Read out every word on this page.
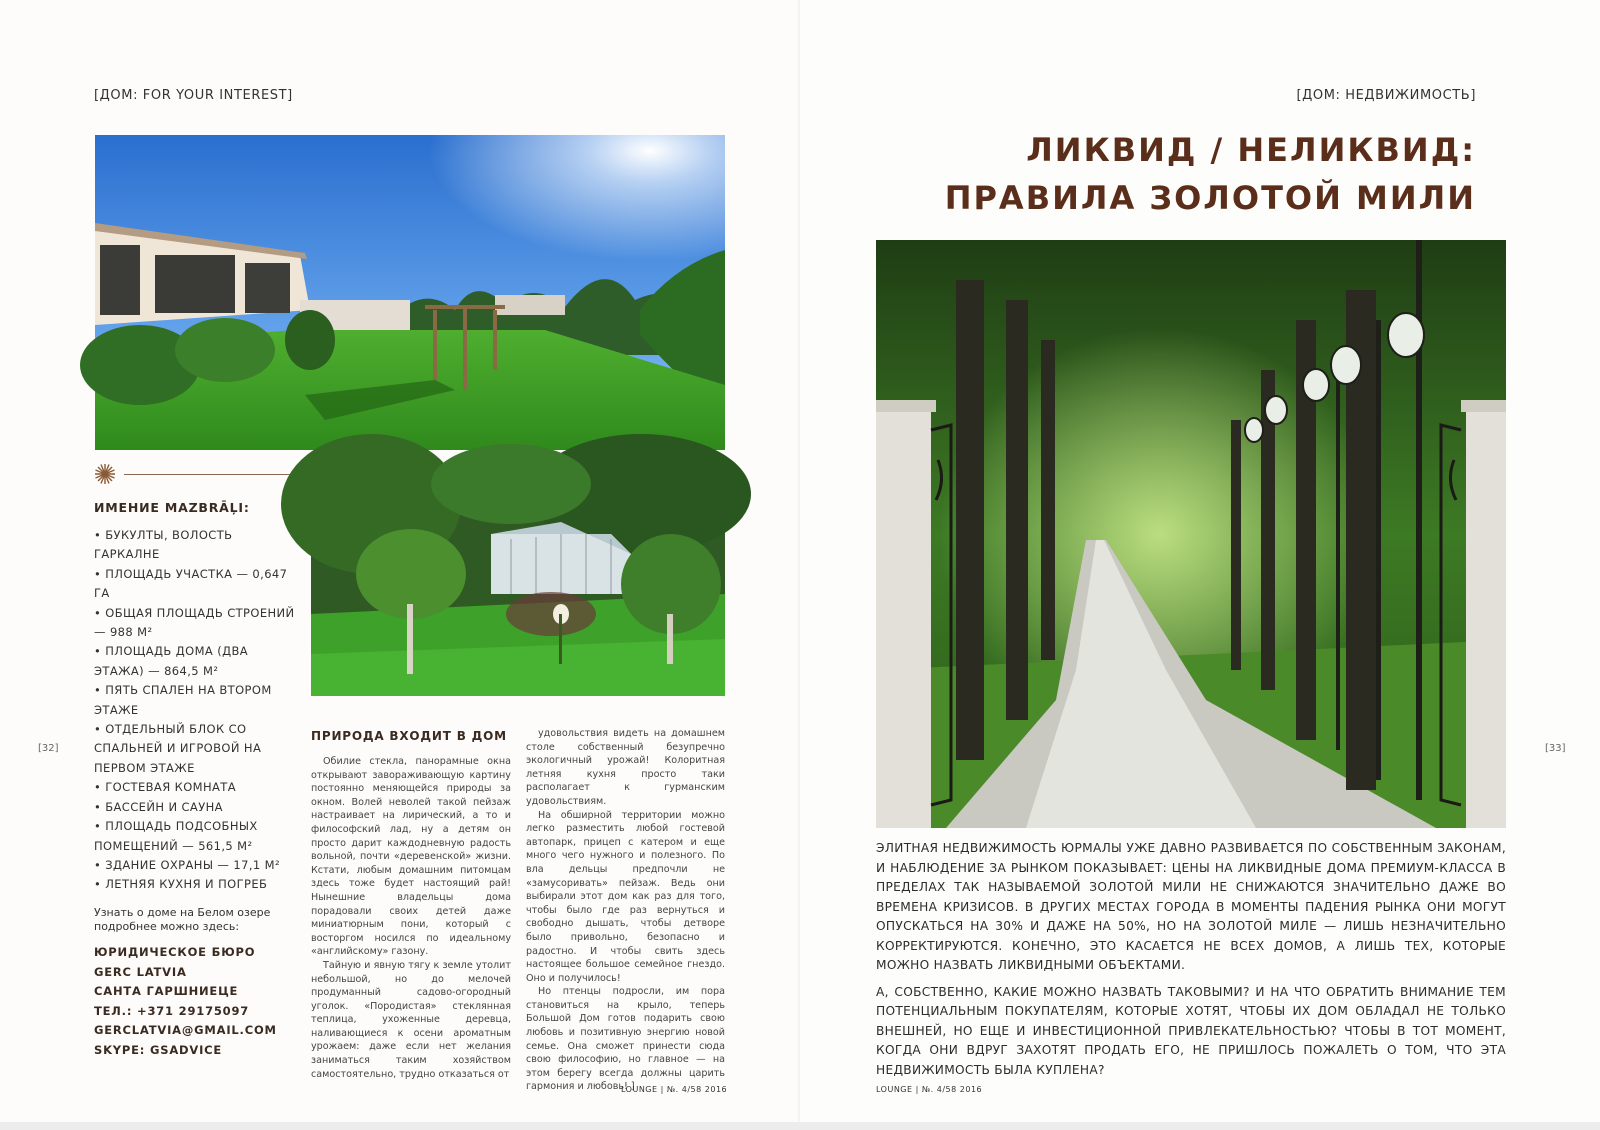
[ДОМ: FOR YOUR INTEREST]
ИМЕНИЕ MAZBRĀĻI:
• БУКУЛТЫ, ВОЛОСТЬ ГАРКАЛНЕ
• ПЛОЩАДЬ УЧАСТКА — 0,647 ГА
• ОБЩАЯ ПЛОЩАДЬ СТРОЕНИЙ — 988 М²
• ПЛОЩАДЬ ДОМА (ДВА ЭТАЖА) — 864,5 М²
• ПЯТЬ СПАЛЕН НА ВТОРОМ ЭТАЖЕ
• ОТДЕЛЬНЫЙ БЛОК СО СПАЛЬНЕЙ И ИГРОВОЙ НА ПЕРВОМ ЭТАЖЕ
• ГОСТЕВАЯ КОМНАТА
• БАССЕЙН И САУНА
• ПЛОЩАДЬ ПОДСОБНЫХ ПОМЕЩЕНИЙ — 561,5 М²
• ЗДАНИЕ ОХРАНЫ — 17,1 М²
• ЛЕТНЯЯ КУХНЯ И ПОГРЕБ
Узнать о доме на Белом озере подробнее можно здесь:
ЮРИДИЧЕСКОЕ БЮРО
GERC LATVIA
САНТА ГАРШНИЕЦЕ
ТЕЛ.: +371 29175097
GERCLATVIA@GMAIL.COM
SKYPE: GSADVICE
ПРИРОДА ВХОДИТ В ДОМ

Обилие стекла, панорамные окна открывают завораживающую картину постоянно меняющейся природы за окном. Волей неволей такой пейзаж настраивает на лирический, а то и философский лад, ну а детям он просто дарит каждодневную радость вольной, почти «деревенской» жизни. Кстати, любым домашним питомцам здесь тоже будет настоящий рай! Нынешние владельцы дома порадовали своих детей даже миниатюрным пони, который с восторгом носился по идеальному «английскому» газону.

Тайную и явную тягу к земле утолит небольшой, но до мелочей продуманный садово-огородный уголок. «Породистая» стеклянная теплица, ухоженные деревца, наливающиеся к осени ароматным урожаем: даже если нет желания заниматься таким хозяйством самостоятельно, трудно отказаться от

удовольствия видеть на домашнем столе собственный безупречно экологичный урожай! Колоритная летняя кухня просто таки располагает к гурманским удовольствиям.

На обширной территории можно легко разместить любой гостевой автопарк, прицеп с катером и еще много чего нужного и полезного. По вла дельцы предпочли не «замусоривать» пейзаж. Ведь они выбирали этот дом как раз для того, чтобы было где раз вернуться и свободно дышать, чтобы детворе было привольно, безопасно и радостно. И чтобы свить здесь настоящее большое семейное гнездо. Оно и получилось!

Но птенцы подросли, им пора становиться на крыло, теперь Большой Дом готов подарить свою любовь и позитивную энергию новой семье. Она сможет принести сюда свою философию, но главное — на этом берегу всегда должны царить гармония и любовь! ]

[32]
LOUNGE | №. 4/58 2016
[ДОМ: НЕДВИЖИМОСТЬ]
ЛИКВИД / НЕЛИКВИД:
ПРАВИЛА ЗОЛОТОЙ МИЛИ

ЭЛИТНАЯ НЕДВИЖИМОСТЬ ЮРМАЛЫ УЖЕ ДАВНО РАЗВИВАЕТСЯ ПО СОБСТВЕННЫМ ЗАКОНАМ, И НАБЛЮДЕНИЕ ЗА РЫНКОМ ПОКАЗЫВАЕТ: ЦЕНЫ НА ЛИКВИДНЫЕ ДОМА ПРЕМИУМ-КЛАССА В ПРЕДЕЛАХ ТАК НАЗЫВАЕМОЙ ЗОЛОТОЙ МИЛИ НЕ СНИЖАЮТСЯ ЗНАЧИТЕЛЬНО ДАЖЕ ВО ВРЕМЕНА КРИЗИСОВ. В ДРУГИХ МЕСТАХ ГОРОДА В МОМЕНТЫ ПАДЕНИЯ РЫНКА ОНИ МОГУТ ОПУСКАТЬСЯ НА 30% И ДАЖЕ НА 50%, НО НА ЗОЛОТОЙ МИЛЕ — ЛИШЬ НЕЗНАЧИТЕЛЬНО КОРРЕКТИРУЮТСЯ. КОНЕЧНО, ЭТО КАСАЕТСЯ НЕ ВСЕХ ДОМОВ, А ЛИШЬ ТЕХ, КОТОРЫЕ МОЖНО НАЗВАТЬ ЛИКВИДНЫМИ ОБЪЕКТАМИ.

А, СОБСТВЕННО, КАКИЕ МОЖНО НАЗВАТЬ ТАКОВЫМИ? И НА ЧТО ОБРАТИТЬ ВНИМАНИЕ ТЕМ ПОТЕНЦИАЛЬНЫМ ПОКУПАТЕЛЯМ, КОТОРЫЕ ХОТЯТ, ЧТОБЫ ИХ ДОМ ОБЛАДАЛ НЕ ТОЛЬКО ВНЕШНЕЙ, НО ЕЩЕ И ИНВЕСТИЦИОННОЙ ПРИВЛЕКАТЕЛЬНОСТЬЮ? ЧТОБЫ В ТОТ МОМЕНТ, КОГДА ОНИ ВДРУГ ЗАХОТЯТ ПРОДАТЬ ЕГО, НЕ ПРИШЛОСЬ ПОЖАЛЕТЬ О ТОМ, ЧТО ЭТА НЕДВИЖИМОСТЬ БЫЛА КУПЛЕНА?

[33]
LOUNGE | №. 4/58 2016
